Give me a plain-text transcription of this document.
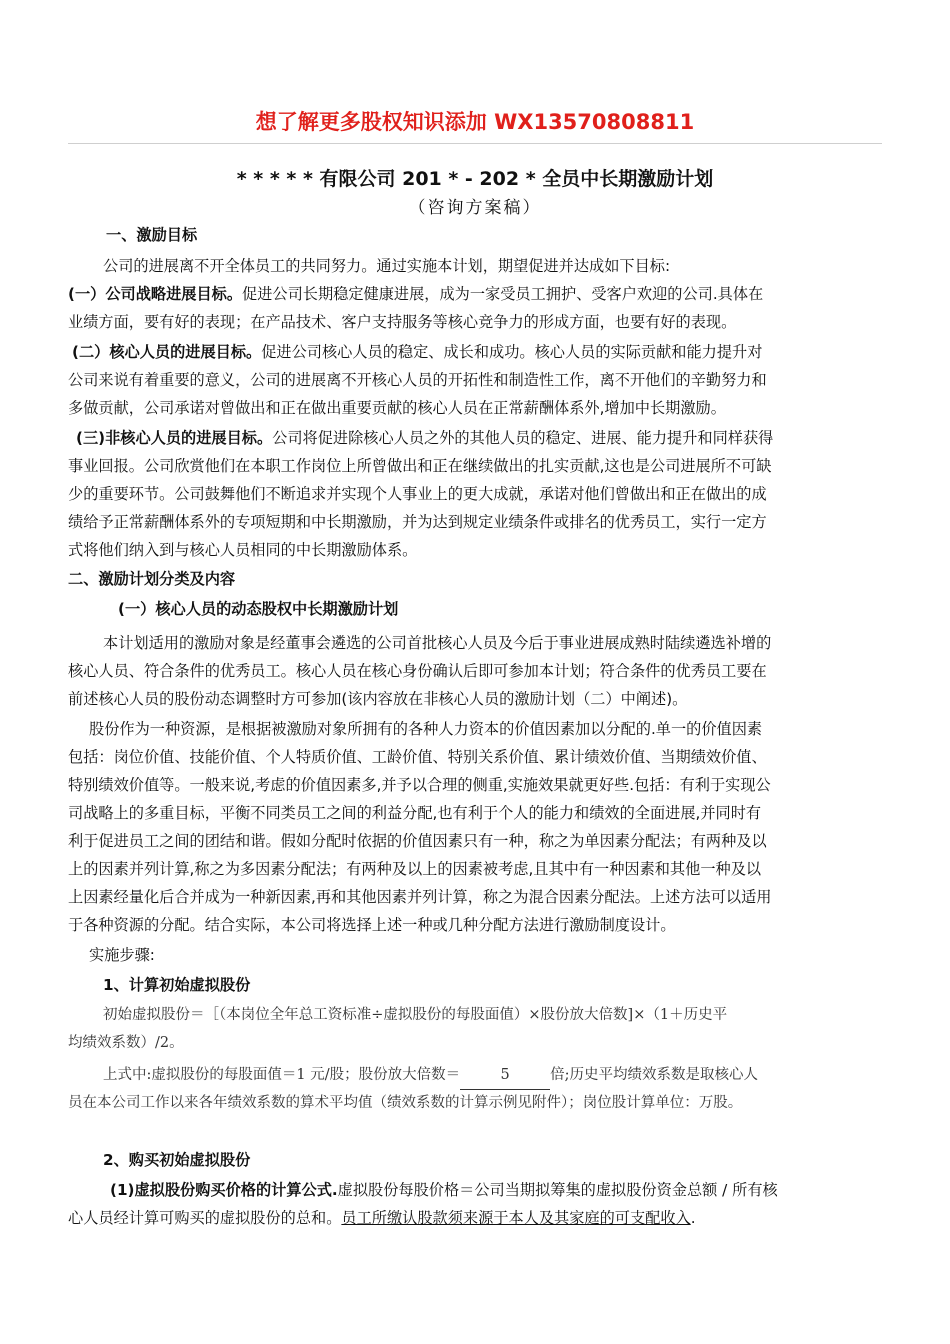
想了解更多股权知识添加 WX13570808811
* * * * * 有限公司 201 * - 202 * 全员中长期激励计划
（咨询方案稿）
一、激励目标
公司的进展离不开全体员工的共同努力。通过实施本计划，期望促进并达成如下目标:
(一）公司战略进展目标。促进公司长期稳定健康进展，成为一家受员工拥护、受客户欢迎的公司.具体在
业绩方面，要有好的表现；在产品技术、客户支持服务等核心竞争力的形成方面，也要有好的表现。
(二）核心人员的进展目标。促进公司核心人员的稳定、成长和成功。核心人员的实际贡献和能力提升对
公司来说有着重要的意义，公司的进展离不开核心人员的开拓性和制造性工作，离不开他们的辛勤努力和
多做贡献，公司承诺对曾做出和正在做出重要贡献的核心人员在正常薪酬体系外,增加中长期激励。
(三)非核心人员的进展目标。公司将促进除核心人员之外的其他人员的稳定、进展、能力提升和同样获得
事业回报。公司欣赏他们在本职工作岗位上所曾做出和正在继续做出的扎实贡献,这也是公司进展所不可缺
少的重要环节。公司鼓舞他们不断追求并实现个人事业上的更大成就，承诺对他们曾做出和正在做出的成
绩给予正常薪酬体系外的专项短期和中长期激励，并为达到规定业绩条件或排名的优秀员工，实行一定方
式将他们纳入到与核心人员相同的中长期激励体系。
二、激励计划分类及内容
(一）核心人员的动态股权中长期激励计划
本计划适用的激励对象是经董事会遴选的公司首批核心人员及今后于事业进展成熟时陆续遴选补增的
核心人员、符合条件的优秀员工。核心人员在核心身份确认后即可参加本计划；符合条件的优秀员工要在
前述核心人员的股份动态调整时方可参加(该内容放在非核心人员的激励计划（二）中阐述)。
股份作为一种资源，是根据被激励对象所拥有的各种人力资本的价值因素加以分配的.单一的价值因素
包括：岗位价值、技能价值、个人特质价值、工龄价值、特别关系价值、累计绩效价值、当期绩效价值、
特别绩效价值等。一般来说,考虑的价值因素多,并予以合理的侧重,实施效果就更好些.包括：有利于实现公
司战略上的多重目标，平衡不同类员工之间的利益分配,也有利于个人的能力和绩效的全面进展,并同时有
利于促进员工之间的团结和谐。假如分配时依据的价值因素只有一种，称之为单因素分配法；有两种及以
上的因素并列计算,称之为多因素分配法；有两种及以上的因素被考虑,且其中有一种因素和其他一种及以
上因素经量化后合并成为一种新因素,再和其他因素并列计算，称之为混合因素分配法。上述方法可以适用
于各种资源的分配。结合实际，本公司将选择上述一种或几种分配方法进行激励制度设计。
实施步骤:
1、计算初始虚拟股份
初始虚拟股份＝［（本岗位全年总工资标准÷虚拟股份的每股面值）×股份放大倍数]×（1＋历史平
均绩效系数）/2。
上式中:虚拟股份的每股面值＝1 元/股；股份放大倍数＝	5	倍;历史平均绩效系数是取核心人
员在本公司工作以来各年绩效系数的算术平均值（绩效系数的计算示例见附件）；岗位股计算单位：万股。
2、购买初始虚拟股份
(1)虚拟股份购买价格的计算公式.虚拟股份每股价格＝公司当期拟筹集的虚拟股份资金总额 / 所有核
心人员经计算可购买的虚拟股份的总和。员工所缴认股款须来源于本人及其家庭的可支配收入.
